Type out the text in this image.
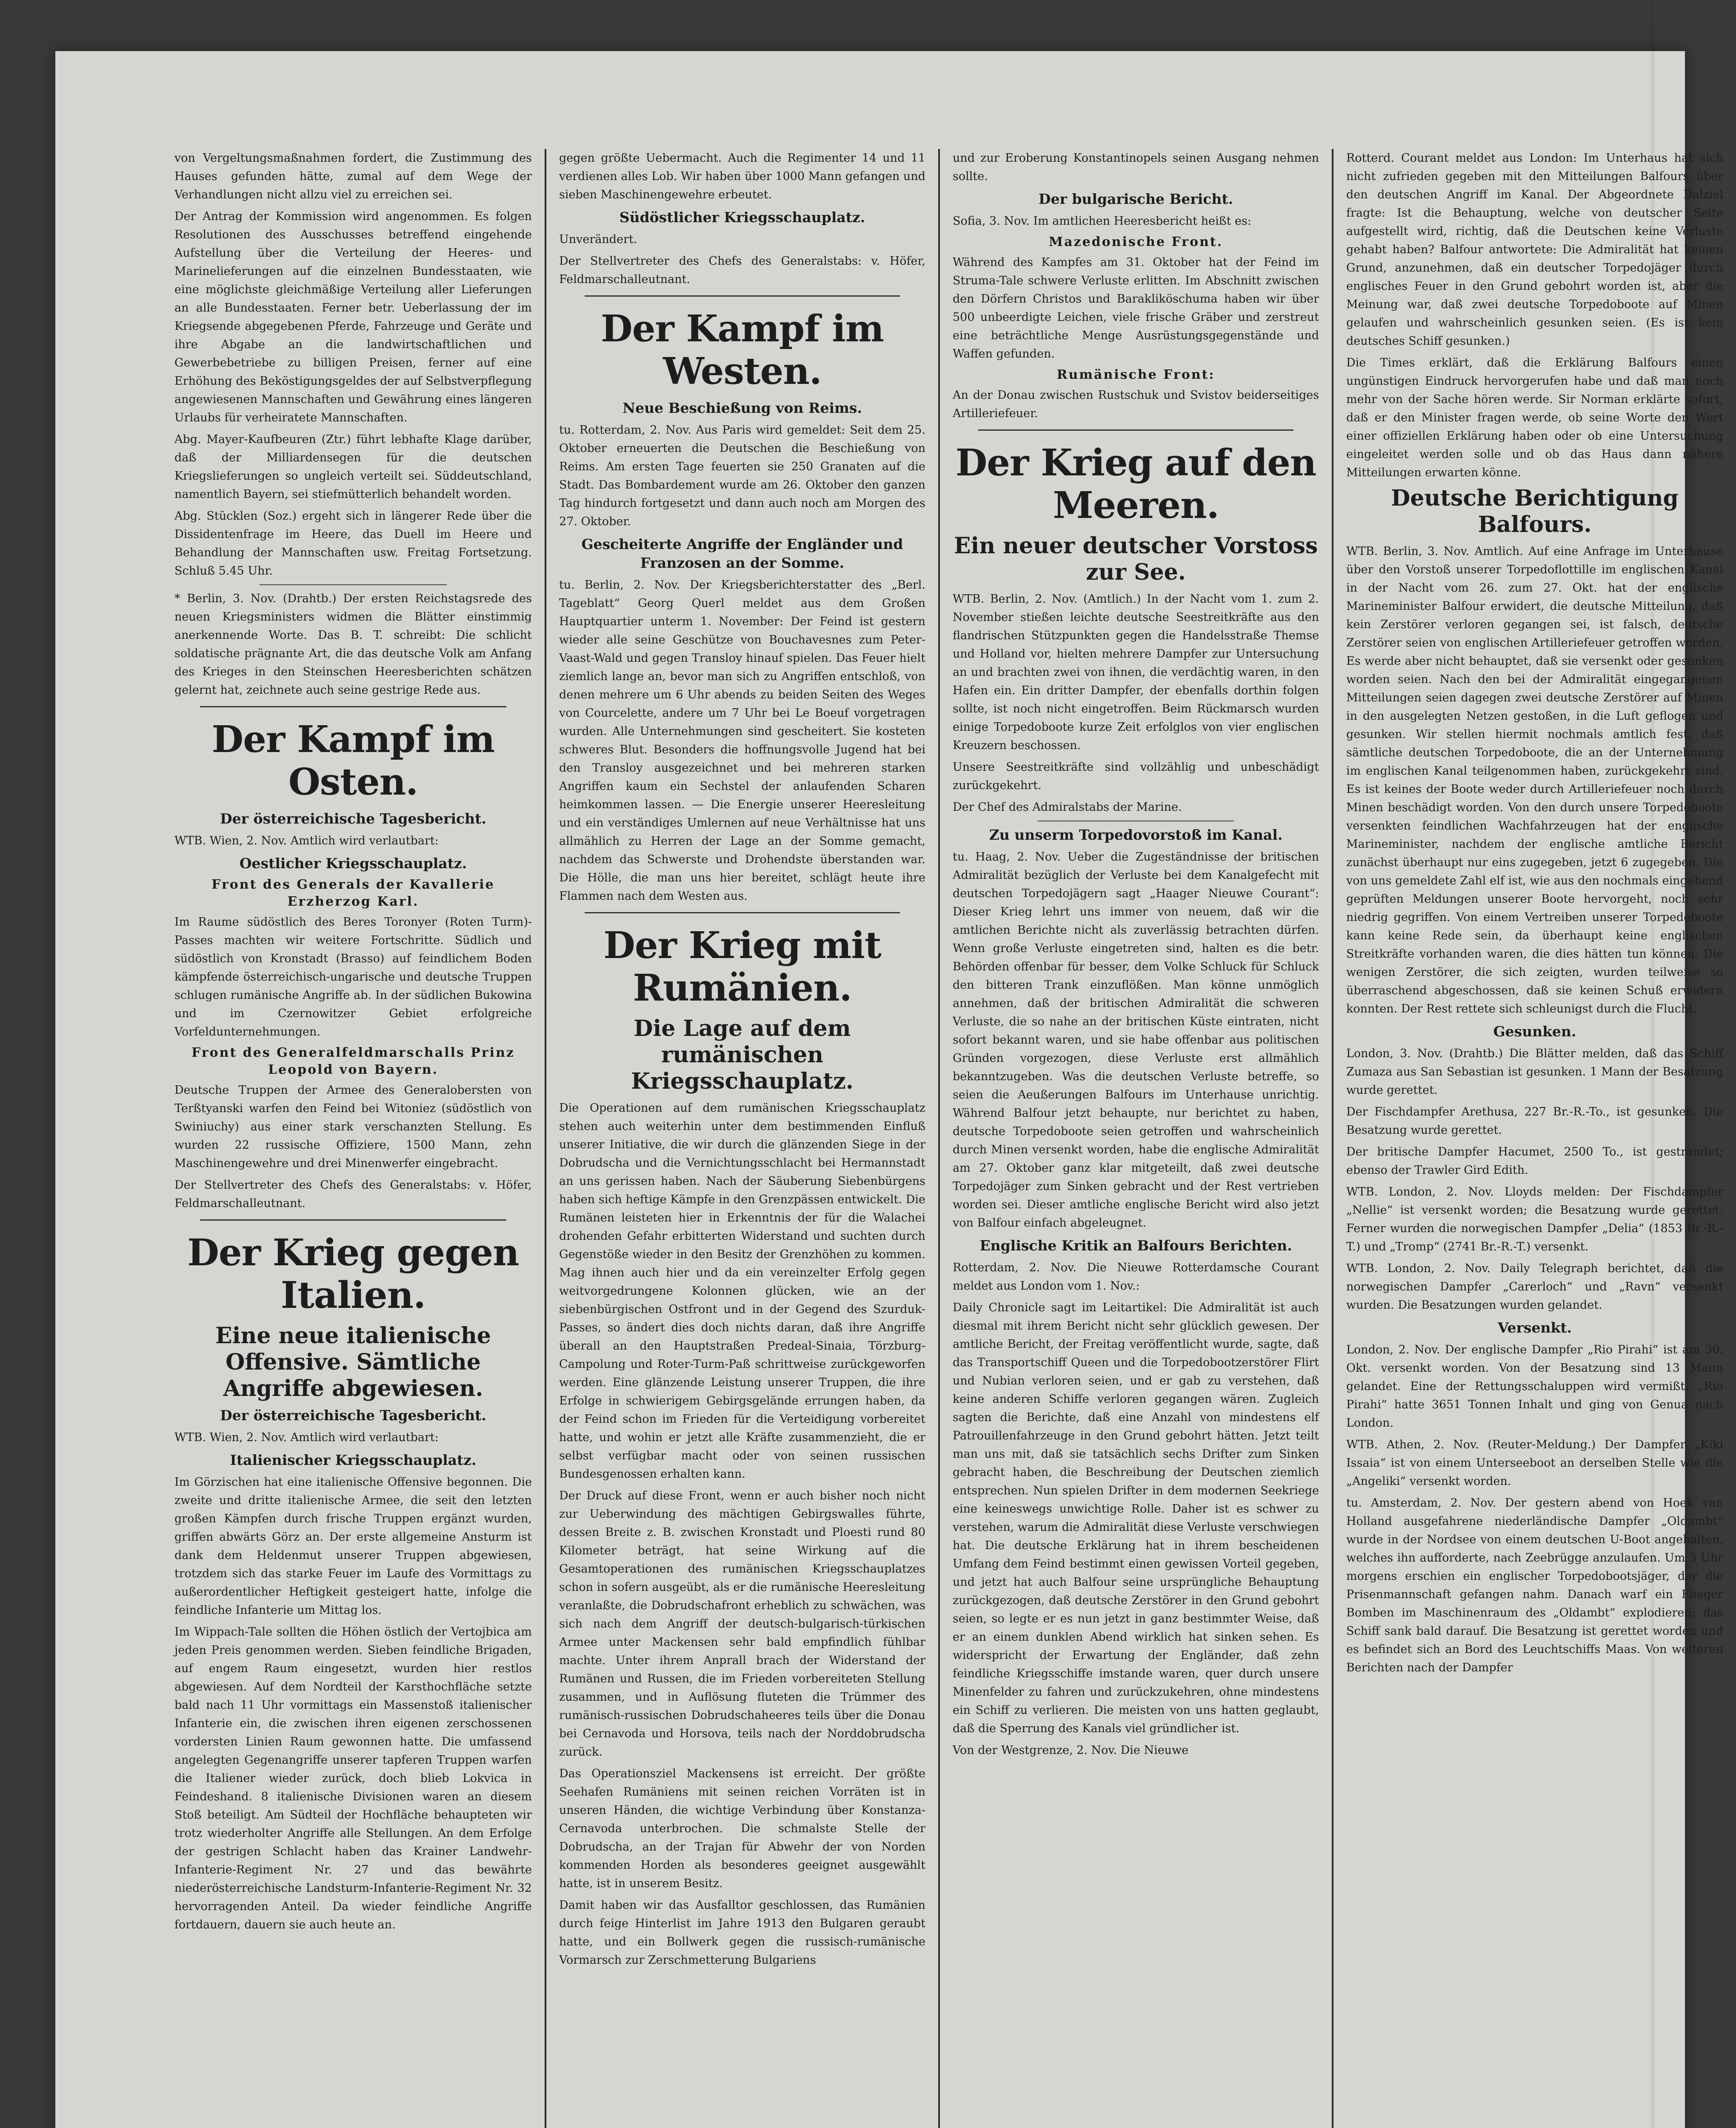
von Vergeltungsmaßnahmen fordert, die Zustimmung des Hauses gefunden hätte, zumal auf dem Wege der Verhandlungen nicht allzu viel zu erreichen sei.

Der Antrag der Kommission wird angenommen. Es folgen Resolutionen des Ausschusses betreffend eingehende Aufstellung über die Verteilung der Heeres- und Marinelieferungen auf die einzelnen Bundesstaaten, wie eine möglichste gleichmäßige Verteilung aller Lieferungen an alle Bundesstaaten. Ferner betr. Ueberlassung der im Kriegsende abgegebenen Pferde, Fahrzeuge und Geräte und ihre Abgabe an die landwirtschaftlichen und Gewerbebetriebe zu billigen Preisen, ferner auf eine Erhöhung des Beköstigungsgeldes der auf Selbstverpflegung angewiesenen Mannschaften und Gewährung eines längeren Urlaubs für verheiratete Mannschaften.

Abg. Mayer-Kaufbeuren (Ztr.) führt lebhafte Klage darüber, daß der Milliardensegen für die deutschen Kriegslieferungen so ungleich verteilt sei. Süddeutschland, namentlich Bayern, sei stiefmütterlich behandelt worden.

Abg. Stücklen (Soz.) ergeht sich in längerer Rede über die Dissidentenfrage im Heere, das Duell im Heere und Behandlung der Mannschaften usw. Freitag Fortsetzung. Schluß 5.45 Uhr.

* Berlin, 3. Nov. (Drahtb.) Der ersten Reichstagsrede des neuen Kriegsministers widmen die Blätter einstimmig anerkennende Worte. Das B. T. schreibt: Die schlicht soldatische prägnante Art, die das deutsche Volk am Anfang des Krieges in den Steinschen Heeresberichten schätzen gelernt hat, zeichnete auch seine gestrige Rede aus.

Der Kampf im Osten.
Der österreichische Tagesbericht.

WTB. Wien, 2. Nov. Amtlich wird verlautbart:

Oestlicher Kriegsschauplatz.
Front des Generals der Kavallerie Erzherzog Karl.

Im Raume südöstlich des Beres Toronyer (Roten Turm)-Passes machten wir weitere Fortschritte. Südlich und südöstlich von Kronstadt (Brasso) auf feindlichem Boden kämpfende österreichisch-ungarische und deutsche Truppen schlugen rumänische Angriffe ab. In der südlichen Bukowina und im Czernowitzer Gebiet erfolgreiche Vorfeldunternehmungen.

Front des Generalfeldmarschalls Prinz Leopold von Bayern.

Deutsche Truppen der Armee des Generalobersten von Terßtyanski warfen den Feind bei Witoniez (südöstlich von Swiniuchy) aus einer stark verschanzten Stellung. Es wurden 22 russische Offiziere, 1500 Mann, zehn Maschinengewehre und drei Minenwerfer eingebracht.

Der Stellvertreter des Chefs des Generalstabs: v. Höfer, Feldmarschalleutnant.

Der Krieg gegen Italien.
Eine neue italienische Offensive. Sämtliche Angriffe abgewiesen.
Der österreichische Tagesbericht.

WTB. Wien, 2. Nov. Amtlich wird verlautbart:

Italienischer Kriegsschauplatz.

Im Görzischen hat eine italienische Offensive begonnen. Die zweite und dritte italienische Armee, die seit den letzten großen Kämpfen durch frische Truppen ergänzt wurden, griffen abwärts Görz an. Der erste allgemeine Ansturm ist dank dem Heldenmut unserer Truppen abgewiesen, trotzdem sich das starke Feuer im Laufe des Vormittags zu außerordentlicher Heftigkeit gesteigert hatte, infolge die feindliche Infanterie um Mittag los.

Im Wippach-Tale sollten die Höhen östlich der Vertojbica am jeden Preis genommen werden. Sieben feindliche Brigaden, auf engem Raum eingesetzt, wurden hier restlos abgewiesen. Auf dem Nordteil der Karsthochfläche setzte bald nach 11 Uhr vormittags ein Massenstoß italienischer Infanterie ein, die zwischen ihren eigenen zerschossenen vordersten Linien Raum gewonnen hatte. Die umfassend angelegten Gegenangriffe unserer tapferen Truppen warfen die Italiener wieder zurück, doch blieb Lokvica in Feindeshand. 8 italienische Divisionen waren an diesem Stoß beteiligt. Am Südteil der Hochfläche behaupteten wir trotz wiederholter Angriffe alle Stellungen. An dem Erfolge der gestrigen Schlacht haben das Krainer Landwehr-Infanterie-Regiment Nr. 27 und das bewährte niederösterreichische Landsturm-Infanterie-Regiment Nr. 32 hervorragenden Anteil. Da wieder feindliche Angriffe fortdauern, dauern sie auch heute an.

gegen größte Uebermacht. Auch die Regimenter 14 und 11 verdienen alles Lob. Wir haben über 1000 Mann gefangen und sieben Maschinengewehre erbeutet.

Südöstlicher Kriegsschauplatz.

Unverändert.

Der Stellvertreter des Chefs des Generalstabs: v. Höfer, Feldmarschalleutnant.

Der Kampf im Westen.
Neue Beschießung von Reims.

tu. Rotterdam, 2. Nov. Aus Paris wird gemeldet: Seit dem 25. Oktober erneuerten die Deutschen die Beschießung von Reims. Am ersten Tage feuerten sie 250 Granaten auf die Stadt. Das Bombardement wurde am 26. Oktober den ganzen Tag hindurch fortgesetzt und dann auch noch am Morgen des 27. Oktober.

Gescheiterte Angriffe der Engländer und Franzosen an der Somme.

tu. Berlin, 2. Nov. Der Kriegsberichterstatter des „Berl. Tageblatt“ Georg Querl meldet aus dem Großen Hauptquartier unterm 1. November: Der Feind ist gestern wieder alle seine Geschütze von Bouchavesnes zum Peter-Vaast-Wald und gegen Transloy hinauf spielen. Das Feuer hielt ziemlich lange an, bevor man sich zu Angriffen entschloß, von denen mehrere um 6 Uhr abends zu beiden Seiten des Weges von Courcelette, andere um 7 Uhr bei Le Boeuf vorgetragen wurden. Alle Unternehmungen sind gescheitert. Sie kosteten schweres Blut. Besonders die hoffnungsvolle Jugend hat bei den Transloy ausgezeichnet und bei mehreren starken Angriffen kaum ein Sechstel der anlaufenden Scharen heimkommen lassen. — Die Energie unserer Heeresleitung und ein verständiges Umlernen auf neue Verhältnisse hat uns allmählich zu Herren der Lage an der Somme gemacht, nachdem das Schwerste und Drohendste überstanden war. Die Hölle, die man uns hier bereitet, schlägt heute ihre Flammen nach dem Westen aus.

Der Krieg mit Rumänien.
Die Lage auf dem rumänischen Kriegsschauplatz.

Die Operationen auf dem rumänischen Kriegsschauplatz stehen auch weiterhin unter dem bestimmenden Einfluß unserer Initiative, die wir durch die glänzenden Siege in der Dobrudscha und die Vernichtungsschlacht bei Hermannstadt an uns gerissen haben. Nach der Säuberung Siebenbürgens haben sich heftige Kämpfe in den Grenzpässen entwickelt. Die Rumänen leisteten hier in Erkenntnis der für die Walachei drohenden Gefahr erbitterten Widerstand und suchten durch Gegenstöße wieder in den Besitz der Grenzhöhen zu kommen. Mag ihnen auch hier und da ein vereinzelter Erfolg gegen weitvorgedrungene Kolonnen glücken, wie an der siebenbürgischen Ostfront und in der Gegend des Szurduk-Passes, so ändert dies doch nichts daran, daß ihre Angriffe überall an den Hauptstraßen Predeal-Sinaia, Törzburg-Campolung und Roter-Turm-Paß schrittweise zurückgeworfen werden. Eine glänzende Leistung unserer Truppen, die ihre Erfolge in schwierigem Gebirgsgelände errungen haben, da der Feind schon im Frieden für die Verteidigung vorbereitet hatte, und wohin er jetzt alle Kräfte zusammenzieht, die er selbst verfügbar macht oder von seinen russischen Bundesgenossen erhalten kann.

Der Druck auf diese Front, wenn er auch bisher noch nicht zur Ueberwindung des mächtigen Gebirgswalles führte, dessen Breite z. B. zwischen Kronstadt und Ploesti rund 80 Kilometer beträgt, hat seine Wirkung auf die Gesamtoperationen des rumänischen Kriegsschauplatzes schon in sofern ausgeübt, als er die rumänische Heeresleitung veranlaßte, die Dobrudschafront erheblich zu schwächen, was sich nach dem Angriff der deutsch-bulgarisch-türkischen Armee unter Mackensen sehr bald empfindlich fühlbar machte. Unter ihrem Anprall brach der Widerstand der Rumänen und Russen, die im Frieden vorbereiteten Stellung zusammen, und in Auflösung fluteten die Trümmer des rumänisch-russischen Dobrudschaheeres teils über die Donau bei Cernavoda und Horsova, teils nach der Norddobrudscha zurück.

Das Operationsziel Mackensens ist erreicht. Der größte Seehafen Rumäniens mit seinen reichen Vorräten ist in unseren Händen, die wichtige Verbindung über Konstanza-Cernavoda unterbrochen. Die schmalste Stelle der Dobrudscha, an der Trajan für Abwehr der von Norden kommenden Horden als besonderes geeignet ausgewählt hatte, ist in unserem Besitz.

Damit haben wir das Ausfalltor geschlossen, das Rumänien durch feige Hinterlist im Jahre 1913 den Bulgaren geraubt hatte, und ein Bollwerk gegen die russisch-rumänische Vormarsch zur Zerschmetterung Bulgariens

und zur Eroberung Konstantinopels seinen Ausgang nehmen sollte.

Der bulgarische Bericht.

Sofia, 3. Nov. Im amtlichen Heeresbericht heißt es:

Mazedonische Front.

Während des Kampfes am 31. Oktober hat der Feind im Struma-Tale schwere Verluste erlitten. Im Abschnitt zwischen den Dörfern Christos und Barakliköschuma haben wir über 500 unbeerdigte Leichen, viele frische Gräber und zerstreut eine beträchtliche Menge Ausrüstungsgegenstände und Waffen gefunden.

Rumänische Front:

An der Donau zwischen Rustschuk und Svistov beiderseitiges Artilleriefeuer.

Der Krieg auf den Meeren.
Ein neuer deutscher Vorstoss zur See.

WTB. Berlin, 2. Nov. (Amtlich.) In der Nacht vom 1. zum 2. November stießen leichte deutsche Seestreitkräfte aus den flandrischen Stützpunkten gegen die Handelsstraße Themse und Holland vor, hielten mehrere Dampfer zur Untersuchung an und brachten zwei von ihnen, die verdächtig waren, in den Hafen ein. Ein dritter Dampfer, der ebenfalls dorthin folgen sollte, ist noch nicht eingetroffen. Beim Rückmarsch wurden einige Torpedoboote kurze Zeit erfolglos von vier englischen Kreuzern beschossen.

Unsere Seestreitkräfte sind vollzählig und unbeschädigt zurückgekehrt.

Der Chef des Admiralstabs der Marine.

Zu unserm Torpedovorstoß im Kanal.

tu. Haag, 2. Nov. Ueber die Zugeständnisse der britischen Admiralität bezüglich der Verluste bei dem Kanalgefecht mit deutschen Torpedojägern sagt „Haager Nieuwe Courant“: Dieser Krieg lehrt uns immer von neuem, daß wir die amtlichen Berichte nicht als zuverlässig betrachten dürfen. Wenn große Verluste eingetreten sind, halten es die betr. Behörden offenbar für besser, dem Volke Schluck für Schluck den bitteren Trank einzuflößen. Man könne unmöglich annehmen, daß der britischen Admiralität die schweren Verluste, die so nahe an der britischen Küste eintraten, nicht sofort bekannt waren, und sie habe offenbar aus politischen Gründen vorgezogen, diese Verluste erst allmählich bekanntzugeben. Was die deutschen Verluste betreffe, so seien die Aeußerungen Balfours im Unterhause unrichtig. Während Balfour jetzt behaupte, nur berichtet zu haben, deutsche Torpedoboote seien getroffen und wahrscheinlich durch Minen versenkt worden, habe die englische Admiralität am 27. Oktober ganz klar mitgeteilt, daß zwei deutsche Torpedojäger zum Sinken gebracht und der Rest vertrieben worden sei. Dieser amtliche englische Bericht wird also jetzt von Balfour einfach abgeleugnet.

Englische Kritik an Balfours Berichten.

Rotterdam, 2. Nov. Die Nieuwe Rotterdamsche Courant meldet aus London vom 1. Nov.:

Daily Chronicle sagt im Leitartikel: Die Admiralität ist auch diesmal mit ihrem Bericht nicht sehr glücklich gewesen. Der amtliche Bericht, der Freitag veröffentlicht wurde, sagte, daß das Transportschiff Queen und die Torpedobootzerstörer Flirt und Nubian verloren seien, und er gab zu verstehen, daß keine anderen Schiffe verloren gegangen wären. Zugleich sagten die Berichte, daß eine Anzahl von mindestens elf Patrouillenfahrzeuge in den Grund gebohrt hätten. Jetzt teilt man uns mit, daß sie tatsächlich sechs Drifter zum Sinken gebracht haben, die Beschreibung der Deutschen ziemlich entsprechen. Nun spielen Drifter in dem modernen Seekriege eine keineswegs unwichtige Rolle. Daher ist es schwer zu verstehen, warum die Admiralität diese Verluste verschwiegen hat. Die deutsche Erklärung hat in ihrem bescheidenen Umfang dem Feind bestimmt einen gewissen Vorteil gegeben, und jetzt hat auch Balfour seine ursprüngliche Behauptung zurückgezogen, daß deutsche Zerstörer in den Grund gebohrt seien, so legte er es nun jetzt in ganz bestimmter Weise, daß er an einem dunklen Abend wirklich hat sinken sehen. Es widerspricht der Erwartung der Engländer, daß zehn feindliche Kriegsschiffe imstande waren, quer durch unsere Minenfelder zu fahren und zurückzukehren, ohne mindestens ein Schiff zu verlieren. Die meisten von uns hatten geglaubt, daß die Sperrung des Kanals viel gründlicher ist.

Von der Westgrenze, 2. Nov. Die Nieuwe

Rotterd. Courant meldet aus London: Im Unterhaus hat sich nicht zufrieden gegeben mit den Mitteilungen Balfours über den deutschen Angriff im Kanal. Der Abgeordnete Dalziel fragte: Ist die Behauptung, welche von deutscher Seite aufgestellt wird, richtig, daß die Deutschen keine Verluste gehabt haben? Balfour antwortete: Die Admiralität hat keinen Grund, anzunehmen, daß ein deutscher Torpedojäger durch englisches Feuer in den Grund gebohrt worden ist, aber die Meinung war, daß zwei deutsche Torpedoboote auf Minen gelaufen und wahrscheinlich gesunken seien. (Es ist kein deutsches Schiff gesunken.)

Die Times erklärt, daß die Erklärung Balfours einen ungünstigen Eindruck hervorgerufen habe und daß man noch mehr von der Sache hören werde. Sir Norman erklärte sofort, daß er den Minister fragen werde, ob seine Worte den Wert einer offiziellen Erklärung haben oder ob eine Untersuchung eingeleitet werden solle und ob das Haus dann nähere Mitteilungen erwarten könne.

Deutsche Berichtigung Balfours.

WTB. Berlin, 3. Nov. Amtlich. Auf eine Anfrage im Unterhause über den Vorstoß unserer Torpedoflottille im englischen Kanal in der Nacht vom 26. zum 27. Okt. hat der englische Marineminister Balfour erwidert, die deutsche Mitteilung, daß kein Zerstörer verloren gegangen sei, ist falsch, deutsche Zerstörer seien von englischen Artilleriefeuer getroffen worden. Es werde aber nicht behauptet, daß sie versenkt oder gesunken worden seien. Nach den bei der Admiralität eingegangenen Mitteilungen seien dagegen zwei deutsche Zerstörer auf Minen in den ausgelegten Netzen gestoßen, in die Luft geflogen und gesunken. Wir stellen hiermit nochmals amtlich fest, daß sämtliche deutschen Torpedoboote, die an der Unternehmung im englischen Kanal teilgenommen haben, zurückgekehrt sind. Es ist keines der Boote weder durch Artilleriefeuer noch durch Minen beschädigt worden. Von den durch unsere Torpedoboote versenkten feindlichen Wachfahrzeugen hat der englische Marineminister, nachdem der englische amtliche Bericht zunächst überhaupt nur eins zugegeben, jetzt 6 zugegeben. Die von uns gemeldete Zahl elf ist, wie aus den nochmals eingehend geprüften Meldungen unserer Boote hervorgeht, noch sehr niedrig gegriffen. Von einem Vertreiben unserer Torpedoboote kann keine Rede sein, da überhaupt keine englischen Streitkräfte vorhanden waren, die dies hätten tun können. Die wenigen Zerstörer, die sich zeigten, wurden teilweise so überraschend abgeschossen, daß sie keinen Schuß erwidern konnten. Der Rest rettete sich schleunigst durch die Flucht.

Gesunken.

London, 3. Nov. (Drahtb.) Die Blätter melden, daß das Schiff Zumaza aus San Sebastian ist gesunken. 1 Mann der Besatzung wurde gerettet.

Der Fischdampfer Arethusa, 227 Br.-R.-To., ist gesunken. Die Besatzung wurde gerettet.

Der britische Dampfer Hacumet, 2500 To., ist gestrandet; ebenso der Trawler Gird Edith.

WTB. London, 2. Nov. Lloyds melden: Der Fischdampfer „Nellie“ ist versenkt worden; die Besatzung wurde gerettet. Ferner wurden die norwegischen Dampfer „Delia“ (1853 Br.-R.-T.) und „Tromp“ (2741 Br.-R.-T.) versenkt.

WTB. London, 2. Nov. Daily Telegraph berichtet, daß die norwegischen Dampfer „Carerloch“ und „Ravn“ versenkt wurden. Die Besatzungen wurden gelandet.

Versenkt.

London, 2. Nov. Der englische Dampfer „Rio Pirahi“ ist am 30. Okt. versenkt worden. Von der Besatzung sind 13 Mann gelandet. Eine der Rettungsschaluppen wird vermißt. „Rio Pirahi“ hatte 3651 Tonnen Inhalt und ging von Genua nach London.

WTB. Athen, 2. Nov. (Reuter-Meldung.) Der Dampfer „Kiki Issaia“ ist von einem Unterseeboot an derselben Stelle wie die „Angeliki“ versenkt worden.

tu. Amsterdam, 2. Nov. Der gestern abend von Hoek van Holland ausgefahrene niederländische Dampfer „Oldambt“ wurde in der Nordsee von einem deutschen U-Boot angehalten, welches ihn aufforderte, nach Zeebrügge anzulaufen. Um 3 Uhr morgens erschien ein englischer Torpedobootsjäger, der die Prisenmannschaft gefangen nahm. Danach warf ein Flieger Bomben im Maschinenraum des „Oldambt“ explodieren; das Schiff sank bald darauf. Die Besatzung ist gerettet worden und es befindet sich an Bord des Leuchtschiffs Maas. Von weiteren Berichten nach der Dampfer
